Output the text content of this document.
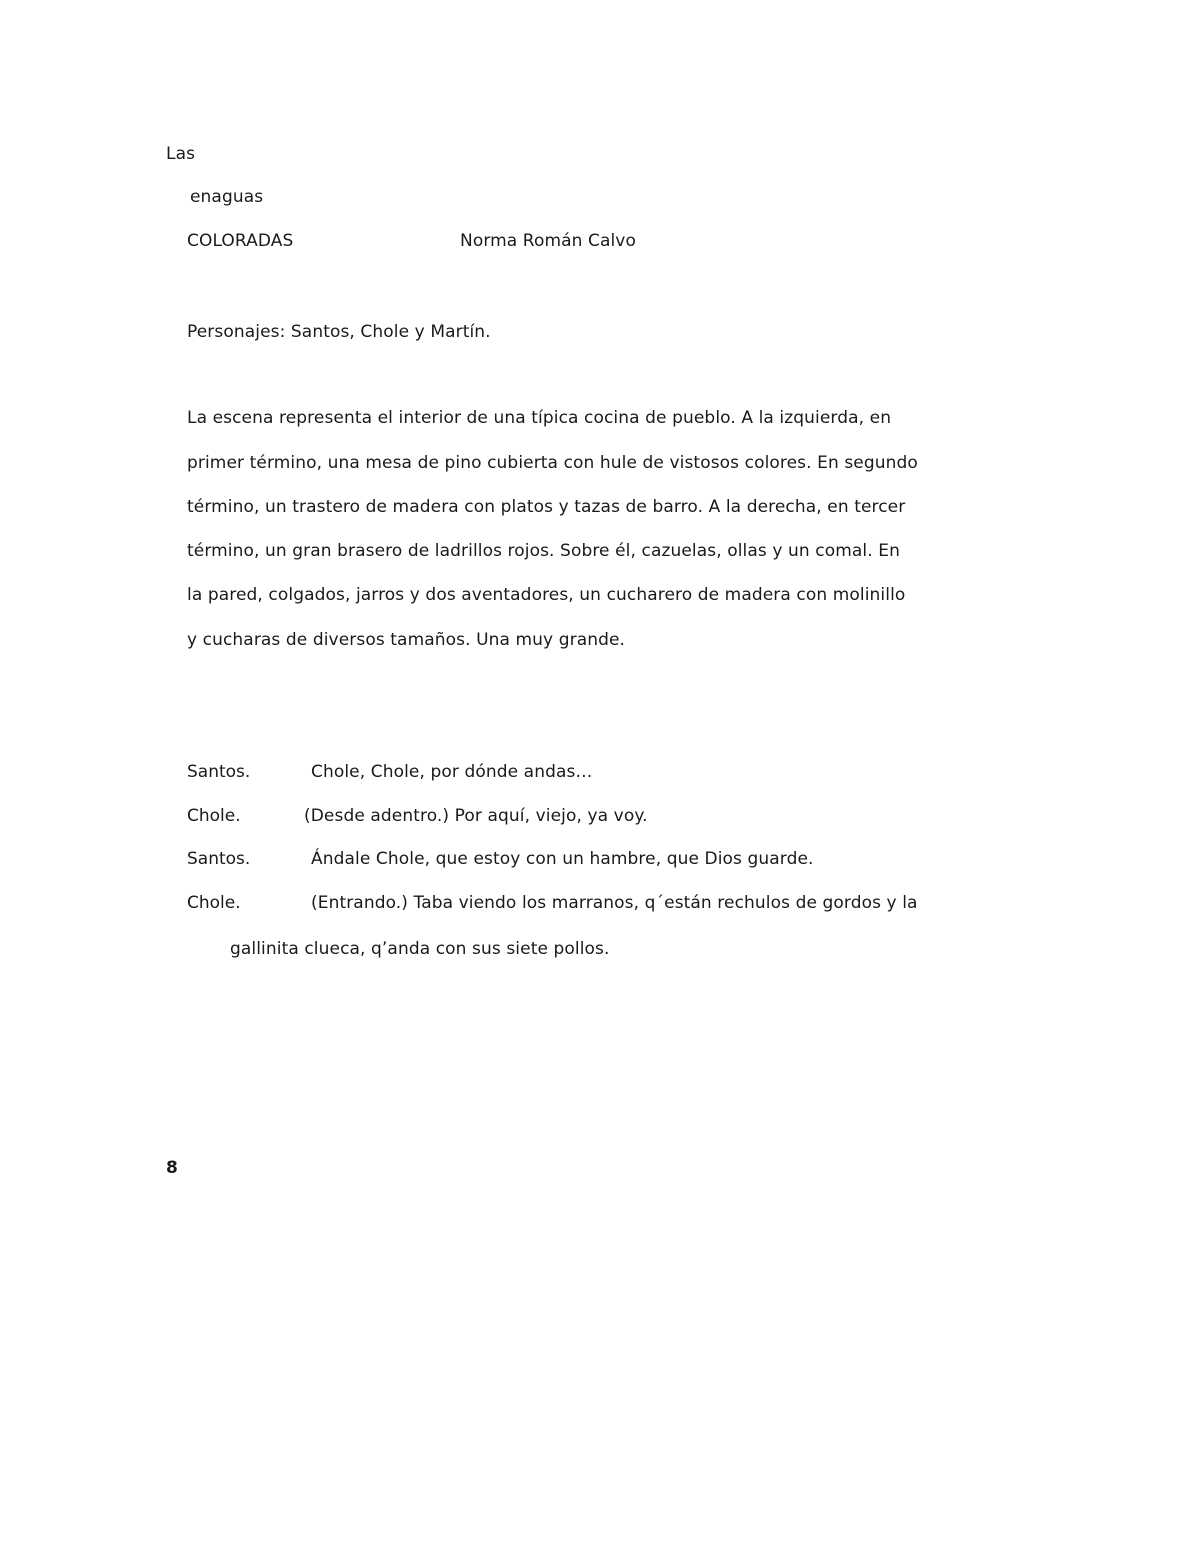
Las
enaguas
COLORADAS	Norma Román Calvo
Personajes: Santos, Chole y Martín.
La escena representa el interior de una típica cocina de pueblo. A la izquierda, en
primer término, una mesa de pino cubierta con hule de vistosos colores. En segundo
término, un trastero de madera con platos y tazas de barro. A la derecha, en tercer
término, un gran brasero de ladrillos rojos. Sobre él, cazuelas, ollas y un comal. En
la pared, colgados, jarros y dos aventadores, un cucharero de madera con molinillo
y cucharas de diversos tamaños. Una muy grande.
Santos.	Chole, Chole, por dónde andas…
Chole.	(Desde adentro.) Por aquí, viejo, ya voy.
Santos.	Ándale Chole, que estoy con un hambre, que Dios guarde.
Chole.	(Entrando.) Taba viendo los marranos, q´están rechulos de gordos y la
gallinita clueca, q’anda con sus siete pollos.
8
